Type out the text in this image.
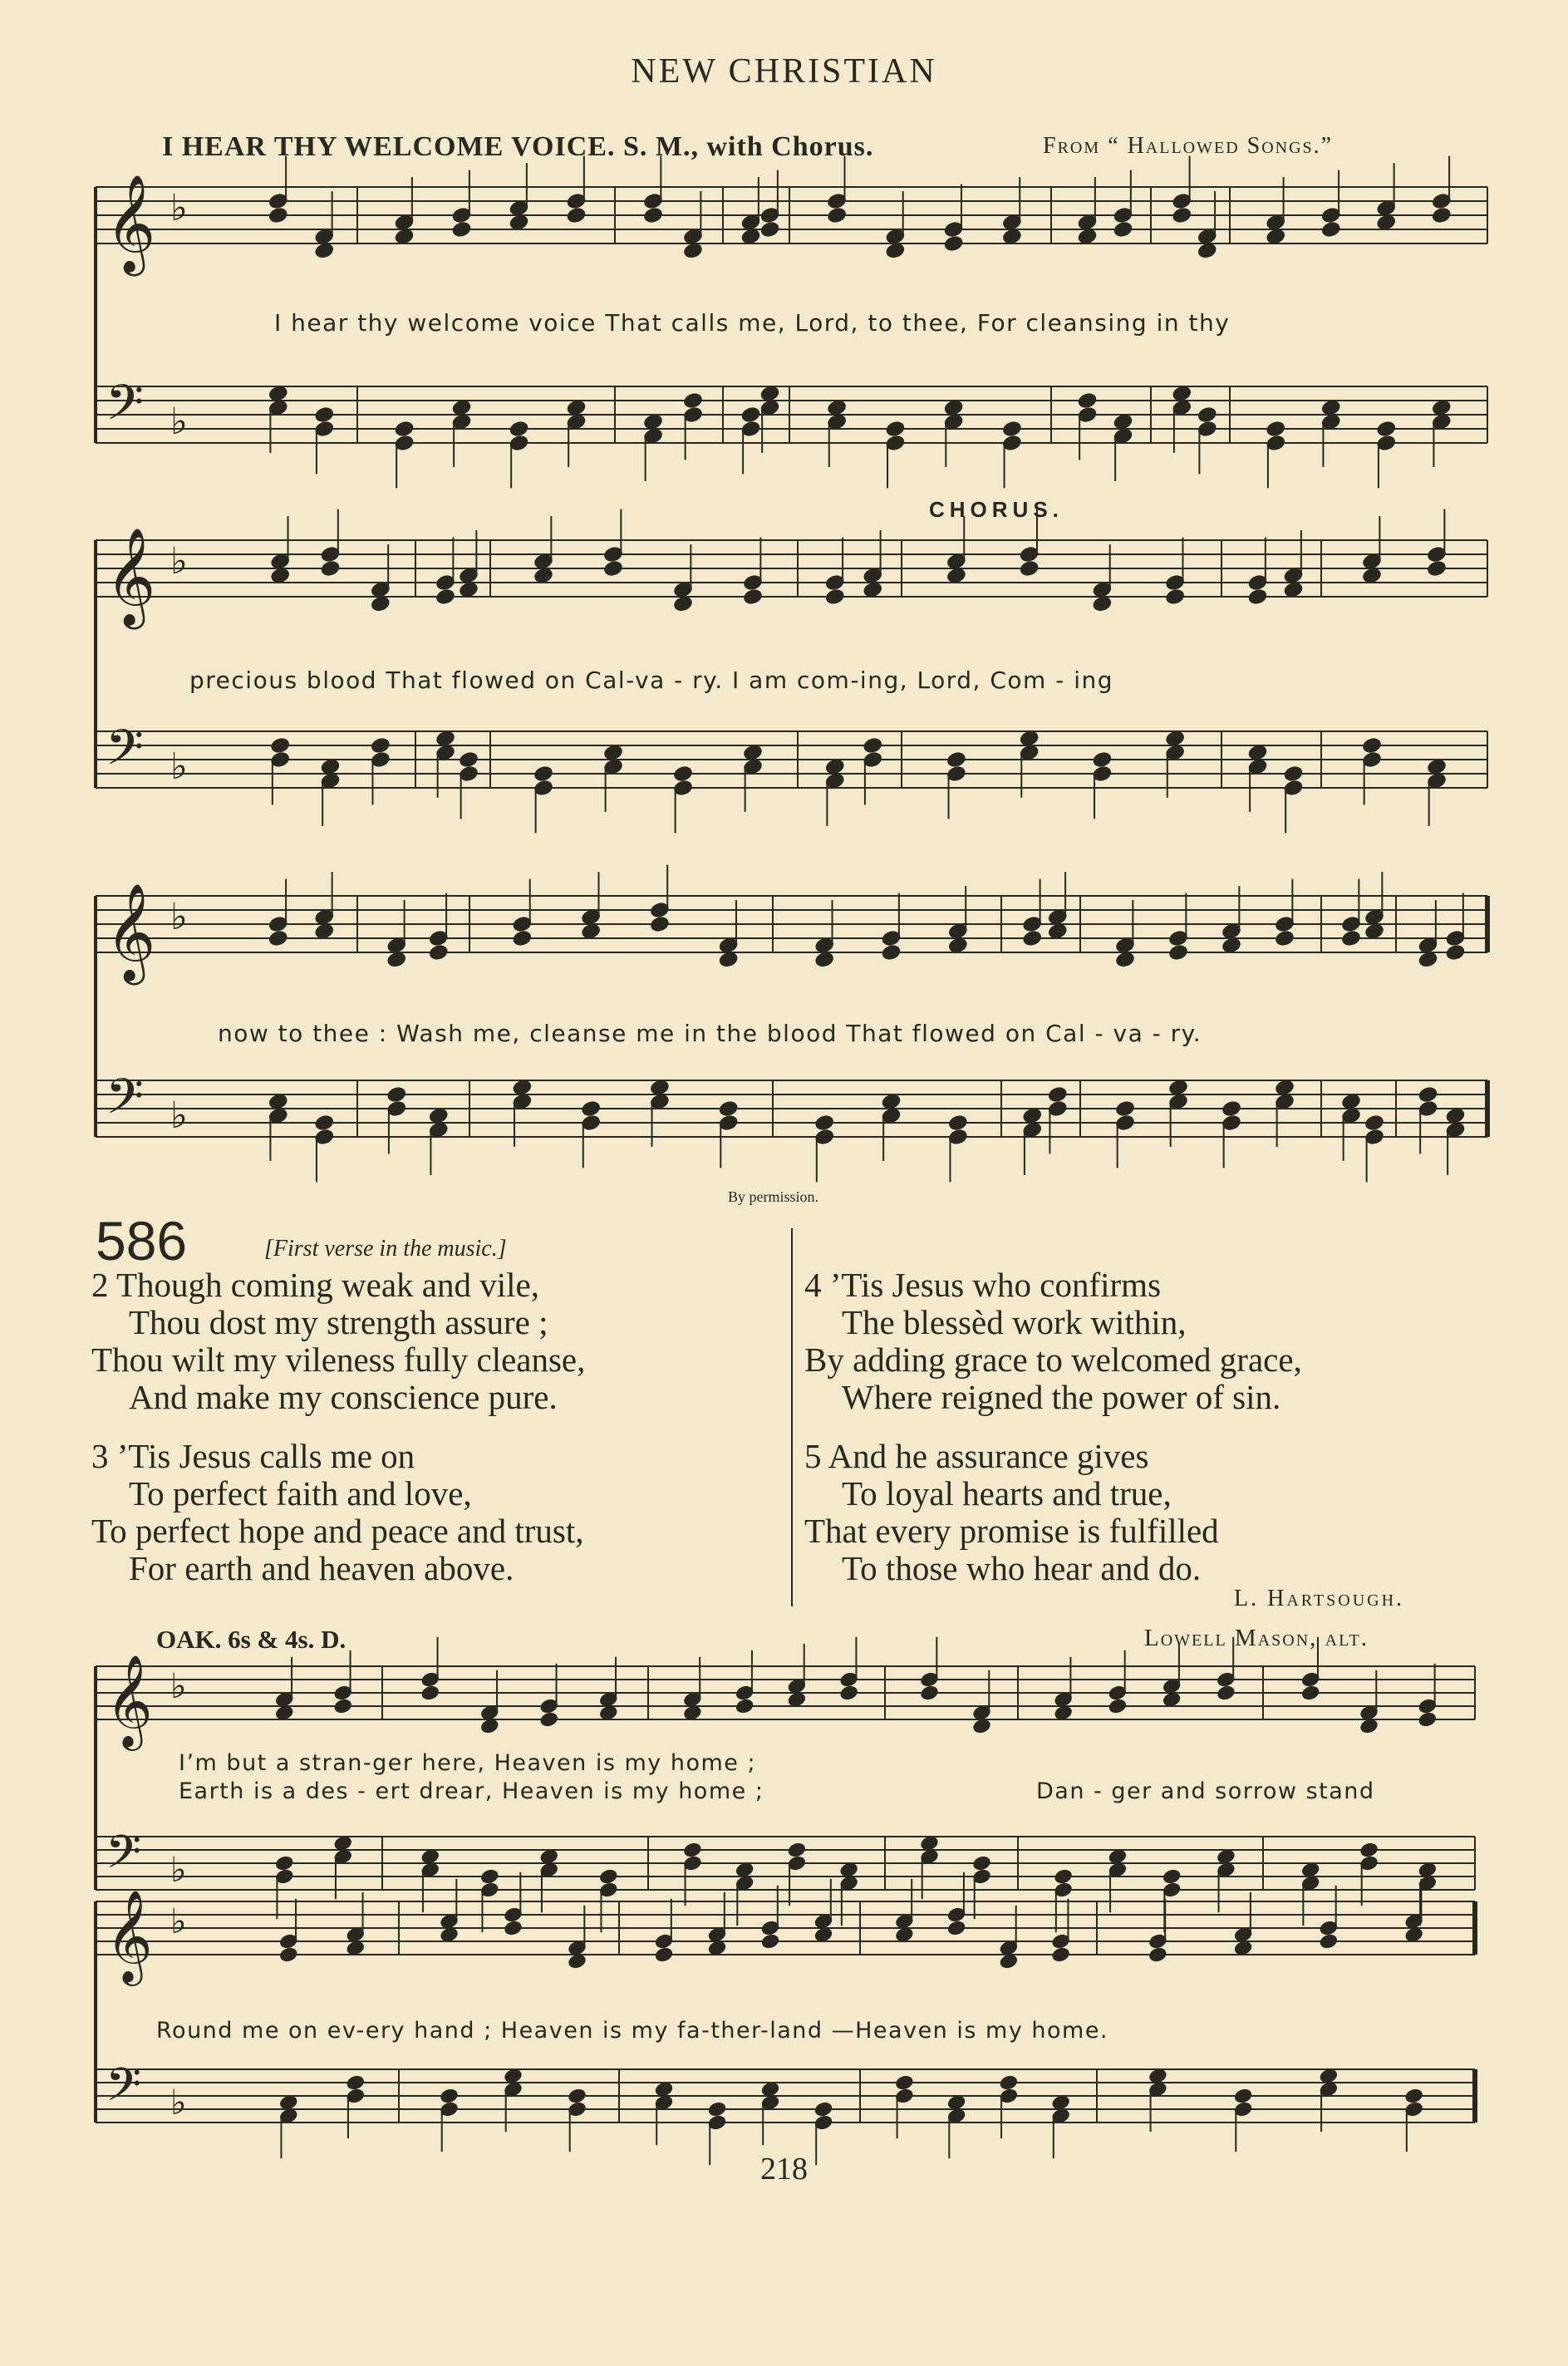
NEW CHRISTIAN
I HEAR THY WELCOME VOICE. S. M., with Chorus.	From “ Hallowed Songs.”
𝄞
𝄢
♭
♭
𝄞
𝄢
♭
♭
𝄞
𝄢
♭
♭
𝄞
𝄢
♭
♭
𝄞
𝄢
♭
♭
I hear thy welcome voice That calls me, Lord, to thee, For cleansing in thy
CHORUS.
precious blood That flowed on Cal-va - ry. I am com-ing, Lord, Com - ing
now to thee : Wash me, cleanse me in the blood That flowed on Cal - va - ry.
By permission.
586	[First verse in the music.]
2 Though coming weak and vile,
Thou dost my strength assure ;
Thou wilt my vileness fully cleanse,
And make my conscience pure.
3 ’Tis Jesus calls me on
To perfect faith and love,
To perfect hope and peace and trust,
For earth and heaven above.
4 ’Tis Jesus who confirms
The blessèd work within,
By adding grace to welcomed grace,
Where reigned the power of sin.
5 And he assurance gives
To loyal hearts and true,
That every promise is fulfilled
To those who hear and do.
L. Hartsough.
OAK. 6s & 4s. D.	Lowell Mason, alt.
I’m but a stran-ger here, Heaven is my home ;
Earth is a des - ert drear, Heaven is my home ;	Dan - ger and sorrow stand
Round me on ev-ery hand ; Heaven is my fa-ther-land —Heaven is my home.
218
